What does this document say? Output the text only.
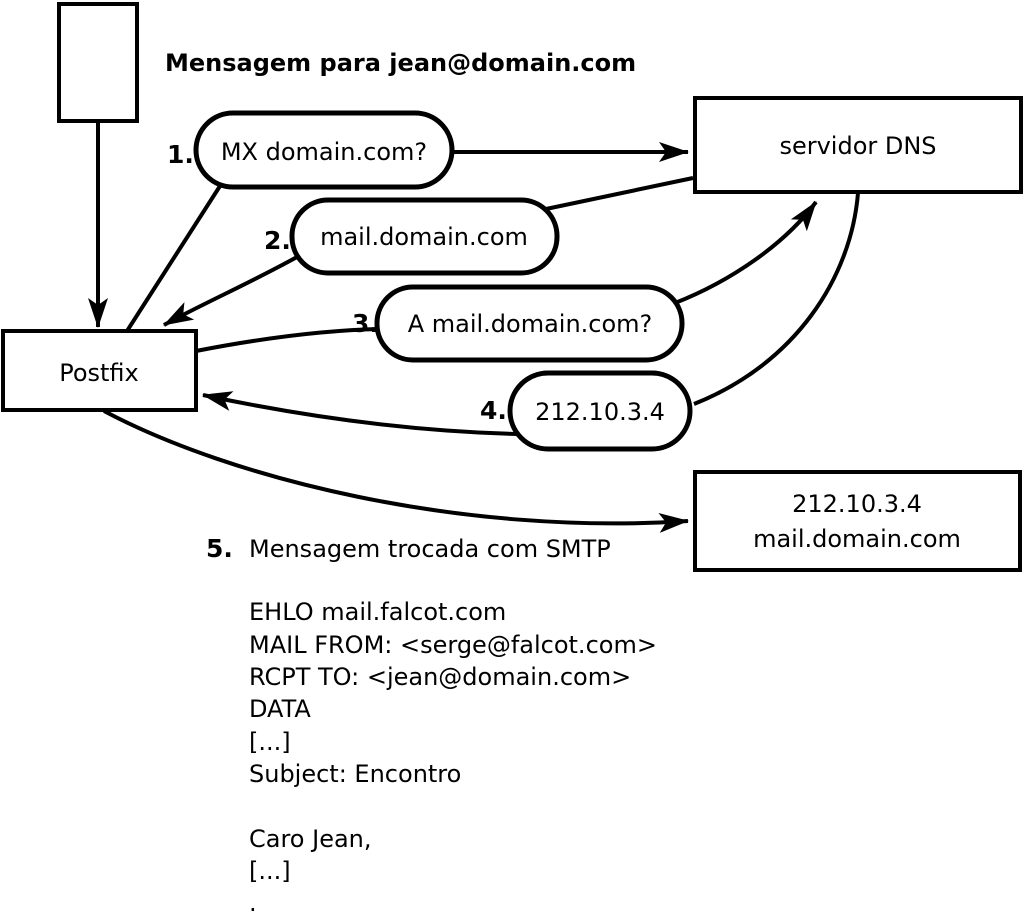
Postfix
servidor DNS
212.10.3.4
mail.domain.com
MX domain.com?
1.
mail.domain.com
2.
A mail.domain.com?
3.
212.10.3.4
4.
Mensagem para jean@domain.com
5. Mensagem trocada com SMTP
EHLO mail.falcot.com
MAIL FROM: <serge@falcot.com>
RCPT TO: <jean@domain.com>
DATA
[...]
Subject: Encontro
Caro Jean,
[...]
.
